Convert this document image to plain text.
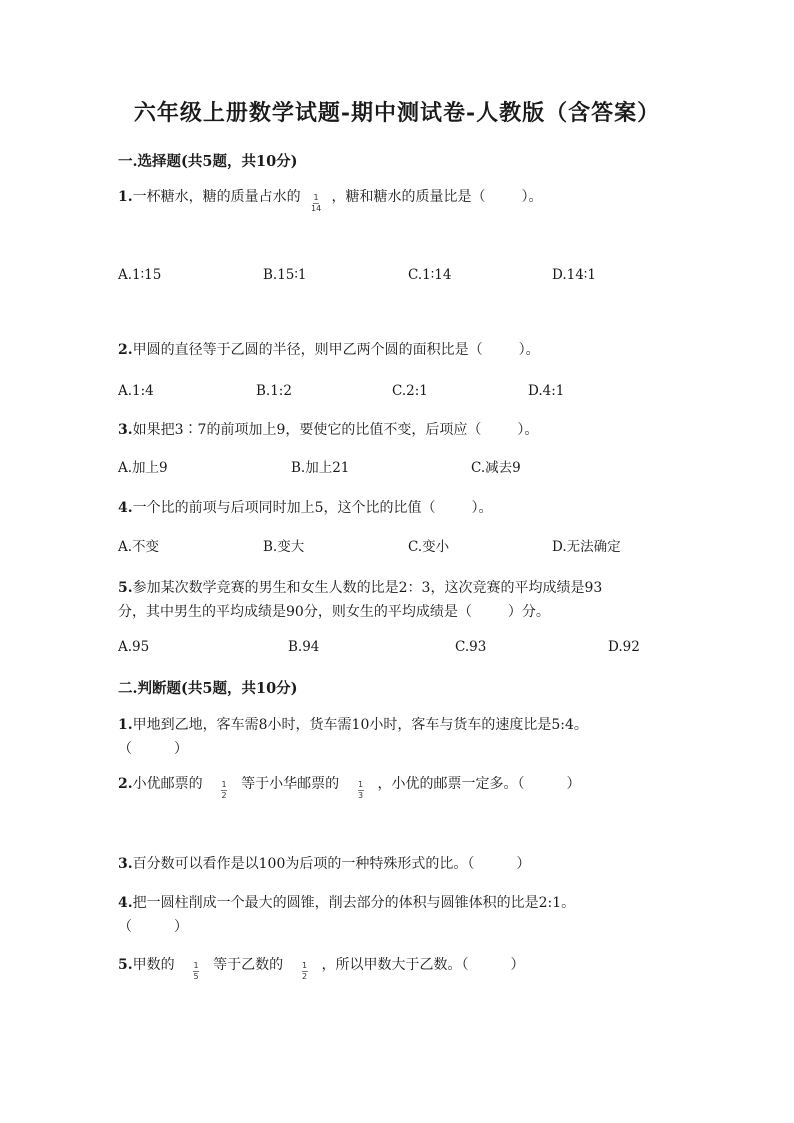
六年级上册数学试题-期中测试卷-人教版（含答案）
一.选择题(共5题，共10分)
1.一杯糖水，糖的质量占水的 $\frac{1}{14}$ ，糖和糖水的质量比是（	）。
A.1∶15	B.15∶1	C.1∶14	D.14∶1
2.甲圆的直径等于乙圆的半径，则甲乙两个圆的面积比是（	）。
A.1:4	B.1:2	C.2:1	D.4:1
3.如果把3∶7的前项加上9，要使它的比值不变，后项应（	）。
A.加上9	B.加上21	C.减去9
4.一个比的前项与后项同时加上5，这个比的比值（	）。
A.不变	B.变大	C.变小	D.无法确定
5.参加某次数学竞赛的男生和女生人数的比是2：3，这次竞赛的平均成绩是93
分，其中男生的平均成绩是90分，则女生的平均成绩是（	）分。
A.95	B.94	C.93	D.92
二.判断题(共5题，共10分)
1.甲地到乙地，客车需8小时，货车需10小时，客车与货车的速度比是5:4。
（　　　）
2.小优邮票的 $\frac{1}{2}$ 等于小华邮票的 $\frac{1}{3}$ ，小优的邮票一定多。（　　　）
3.百分数可以看作是以100为后项的一种特殊形式的比。（　　　）
4.把一圆柱削成一个最大的圆锥，削去部分的体积与圆锥体积的比是2:1。
（　　　）
5.甲数的 $\frac{1}{5}$ 等于乙数的 $\frac{1}{2}$ ，所以甲数大于乙数。（　　　）
